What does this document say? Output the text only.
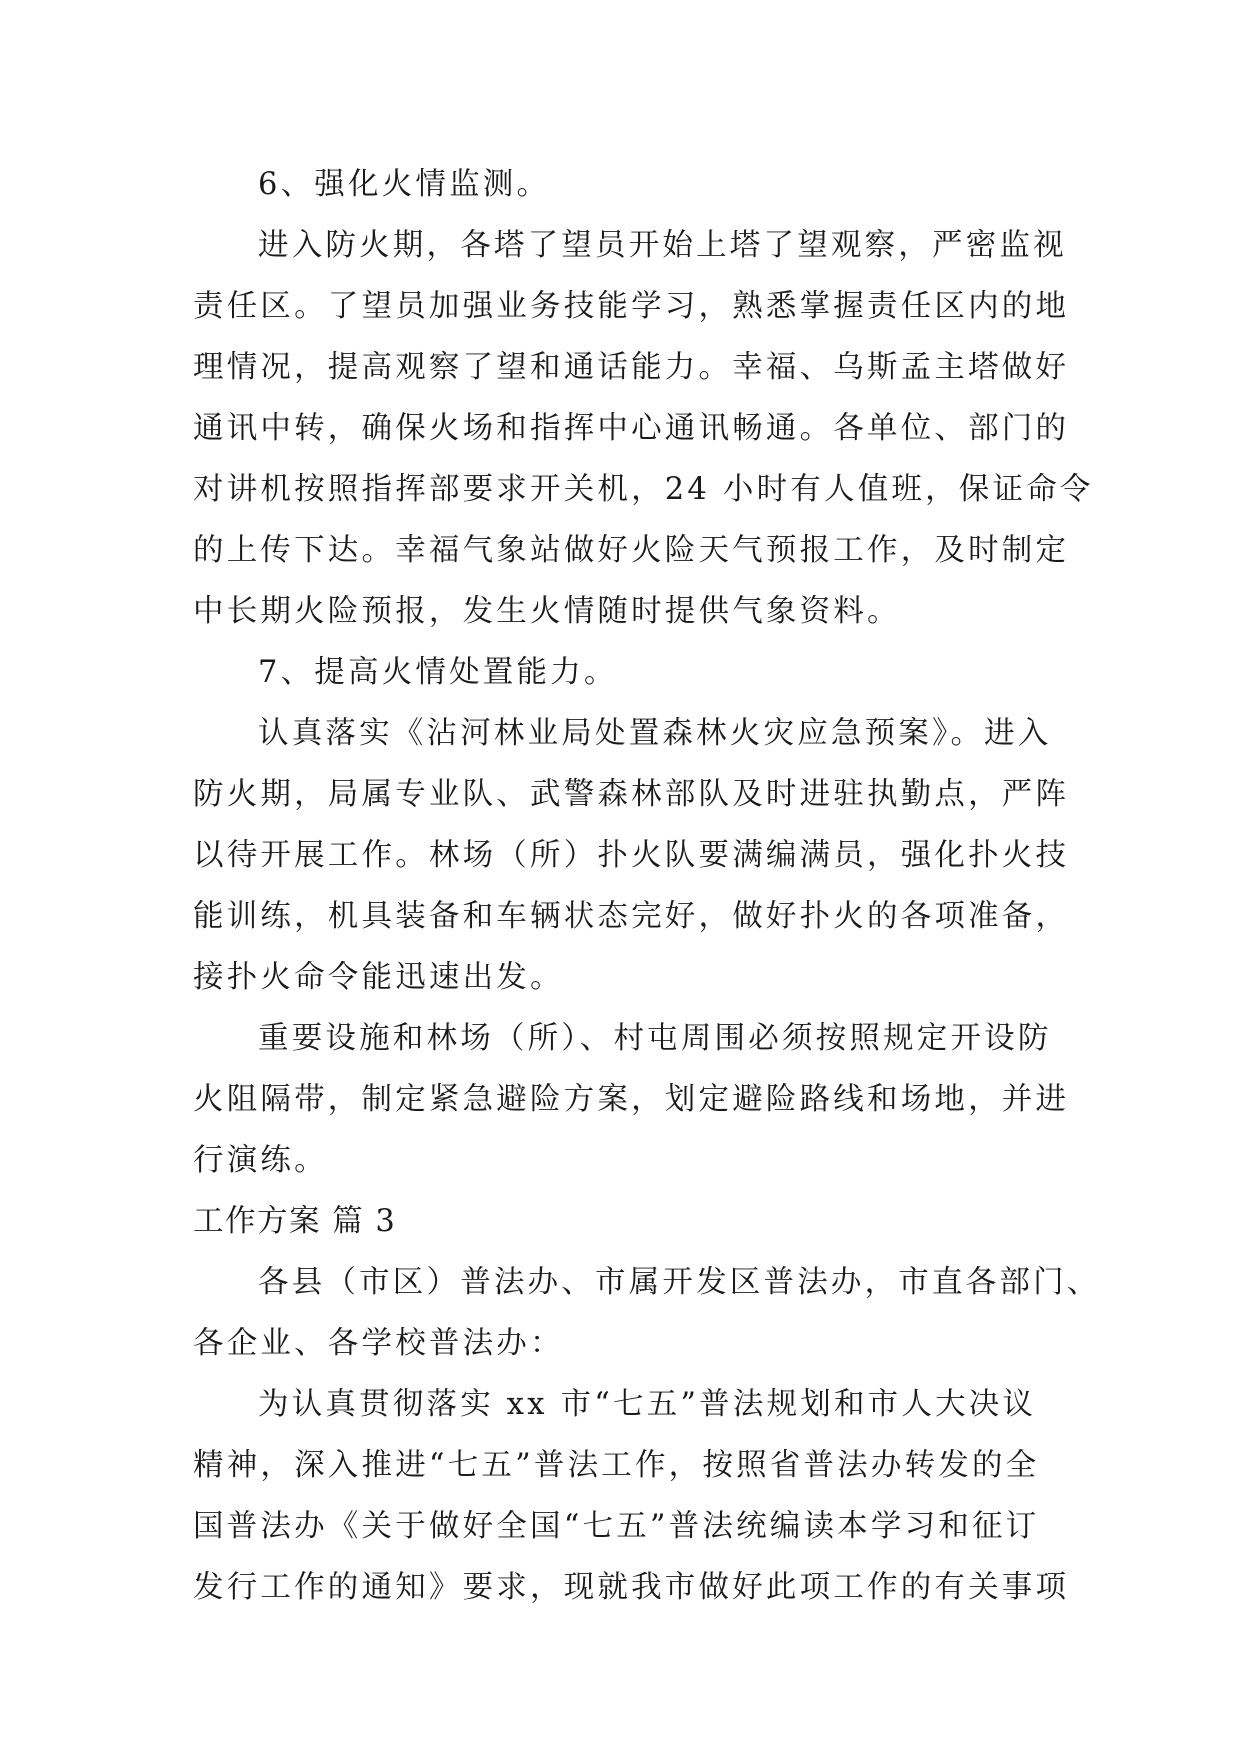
6、强化火情监测。
进入防火期，各塔了望员开始上塔了望观察，严密监视
责任区。了望员加强业务技能学习，熟悉掌握责任区内的地
理情况，提高观察了望和通话能力。幸福、乌斯孟主塔做好
通讯中转，确保火场和指挥中心通讯畅通。各单位、部门的
对讲机按照指挥部要求开关机，24 小时有人值班，保证命令
的上传下达。幸福气象站做好火险天气预报工作，及时制定
中长期火险预报，发生火情随时提供气象资料。
7、提高火情处置能力。
认真落实《沾河林业局处置森林火灾应急预案》。进入
防火期，局属专业队、武警森林部队及时进驻执勤点，严阵
以待开展工作。林场（所）扑火队要满编满员，强化扑火技
能训练，机具装备和车辆状态完好，做好扑火的各项准备，
接扑火命令能迅速出发。
重要设施和林场（所）、村屯周围必须按照规定开设防
火阻隔带，制定紧急避险方案，划定避险路线和场地，并进
行演练。
工作方案 篇 3
各县（市区）普法办、市属开发区普法办，市直各部门、
各企业、各学校普法办：
为认真贯彻落实 xx 市“七五”普法规划和市人大决议
精神，深入推进“七五”普法工作，按照省普法办转发的全
国普法办《关于做好全国“七五”普法统编读本学习和征订
发行工作的通知》要求，现就我市做好此项工作的有关事项
